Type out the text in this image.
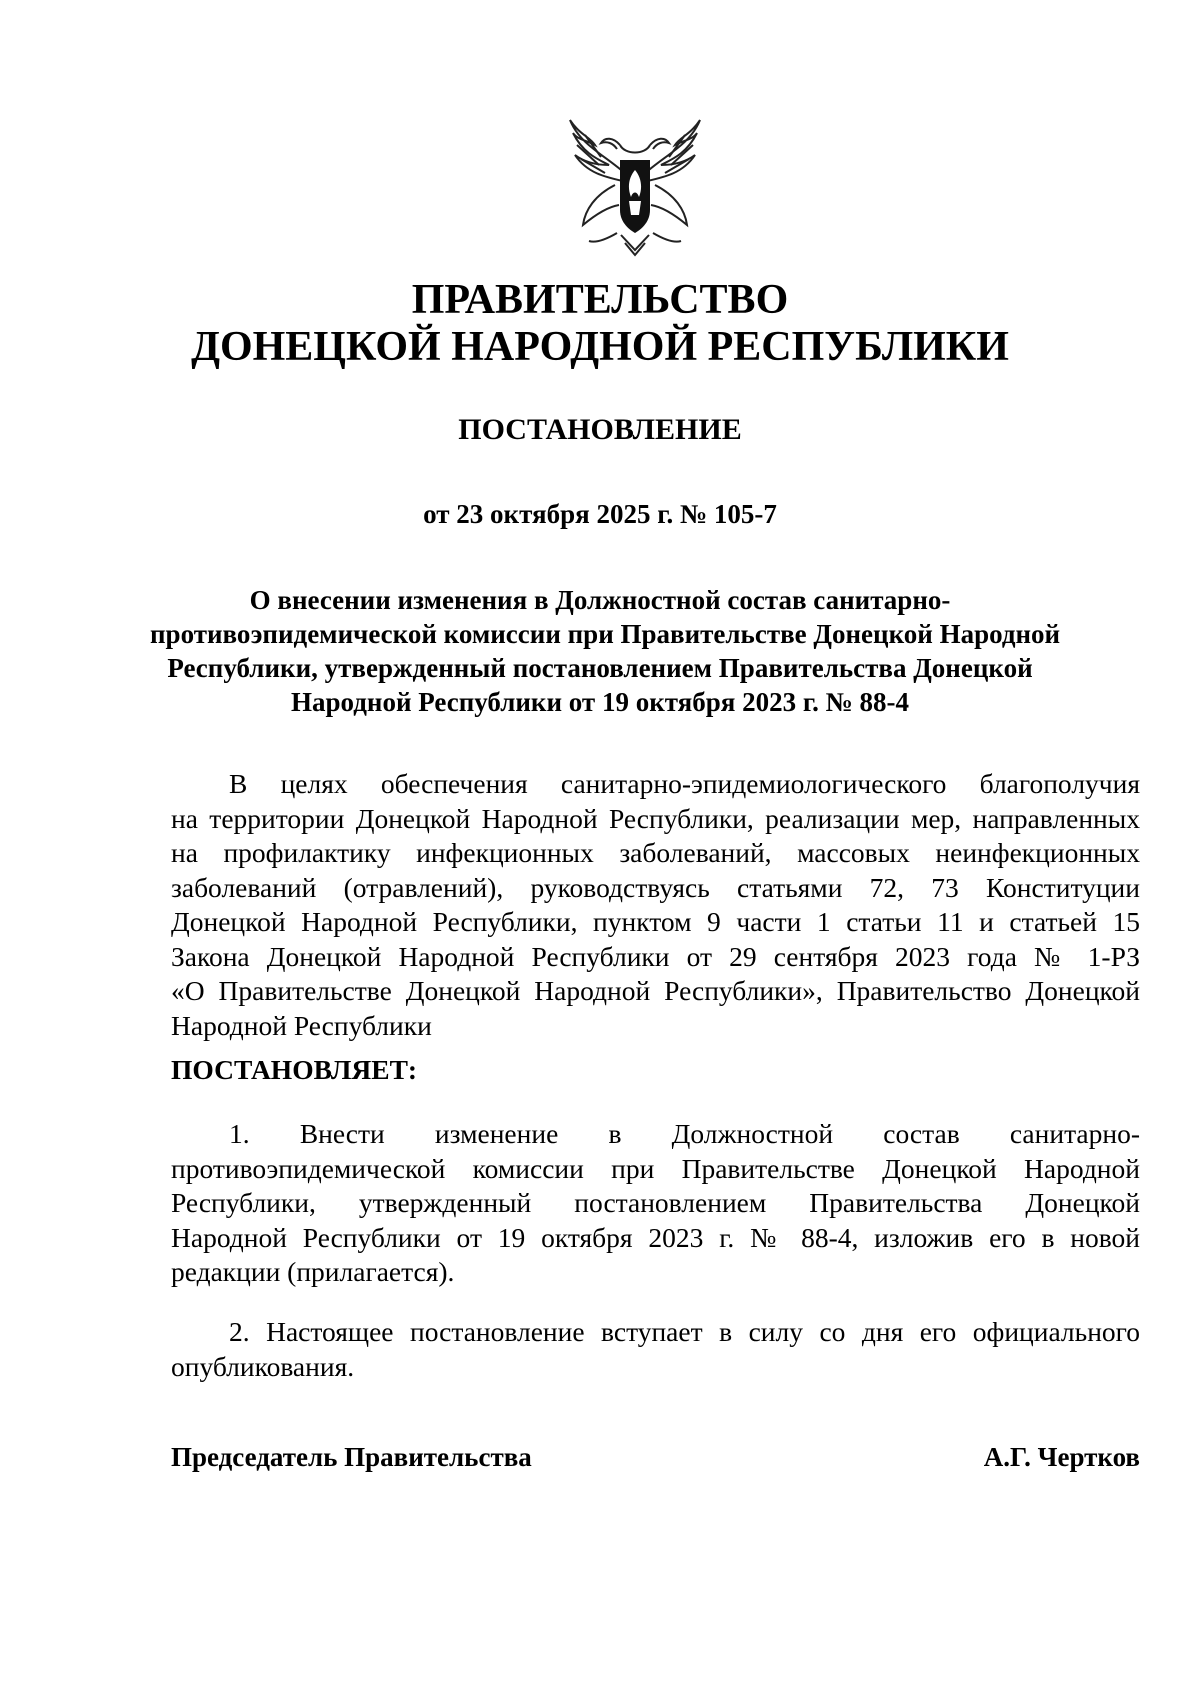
ПРАВИТЕЛЬСТВО
ДОНЕЦКОЙ НАРОДНОЙ РЕСПУБЛИКИ
ПОСТАНОВЛЕНИЕ
от 23 октября 2025 г. № 105-7
О внесении изменения в Должностной состав санитарно-
противоэпидемической комиссии при Правительстве Донецкой Народной
Республики, утвержденный постановлением Правительства Донецкой
Народной Республики от 19 октября 2023 г. № 88-4
В целях обеспечения санитарно-эпидемиологического благополучия
на территории Донецкой Народной Республики, реализации мер, направленных
на профилактику инфекционных заболеваний, массовых неинфекционных
заболеваний (отравлений), руководствуясь статьями 72, 73 Конституции
Донецкой Народной Республики, пунктом 9 части 1 статьи 11 и статьей 15
Закона Донецкой Народной Республики от 29 сентября 2023 года № 1-РЗ
«О Правительстве Донецкой Народной Республики», Правительство Донецкой
Народной Республики
ПОСТАНОВЛЯЕТ:
1. Внести изменение в Должностной состав санитарно-
противоэпидемической комиссии при Правительстве Донецкой Народной
Республики, утвержденный постановлением Правительства Донецкой
Народной Республики от 19 октября 2023 г. № 88-4, изложив его в новой
редакции (прилагается).
2. Настоящее постановление вступает в силу со дня его официального
опубликования.
Председатель Правительства	А.Г. Чертков
